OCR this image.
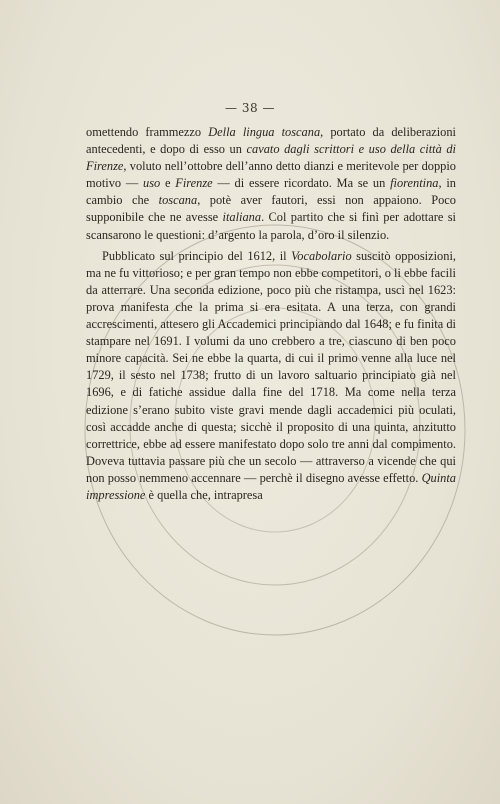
— 38 —

omettendo frammezzo Della lingua toscana, portato da deliberazioni antecedenti, e dopo di esso un cavato dagli scrittori e uso della città di Firenze, voluto nell’ottobre dell’anno detto dianzi e meritevole per doppio motivo — uso e Firenze — di essere ricordato. Ma se un fiorentina, in cambio che toscana, potè aver fautori, essi non appaiono. Poco supponibile che ne avesse italiana. Col partito che si finì per adottare si scansarono le questioni: d’argento la parola, d’oro il silenzio.

Pubblicato sul principio del 1612, il Vocabolario suscitò opposizioni, ma ne fu vittorioso; e per gran tempo non ebbe competitori, o li ebbe facili da atterrare. Una seconda edizione, poco più che ristampa, uscì nel 1623: prova manifesta che la prima si era esitata. A una terza, con grandi accrescimenti, attesero gli Accademici principiando dal 1648; e fu finita di stampare nel 1691. I volumi da uno crebbero a tre, ciascuno di ben poco minore capacità. Sei ne ebbe la quarta, di cui il primo venne alla luce nel 1729, il sesto nel 1738; frutto di un lavoro saltuario principiato già nel 1696, e di fatiche assidue dalla fine del 1718. Ma come nella terza edizione s’erano subito viste gravi mende dagli accademici più oculati, così accadde anche di questa; sicchè il proposito di una quinta, anzitutto correttrice, ebbe ad essere manifestato dopo solo tre anni dal compimento. Doveva tuttavia passare più che un secolo — attraverso a vicende che qui non posso nemmeno accennare — perchè il disegno avesse effetto. Quinta impressione è quella che, intrapresa
